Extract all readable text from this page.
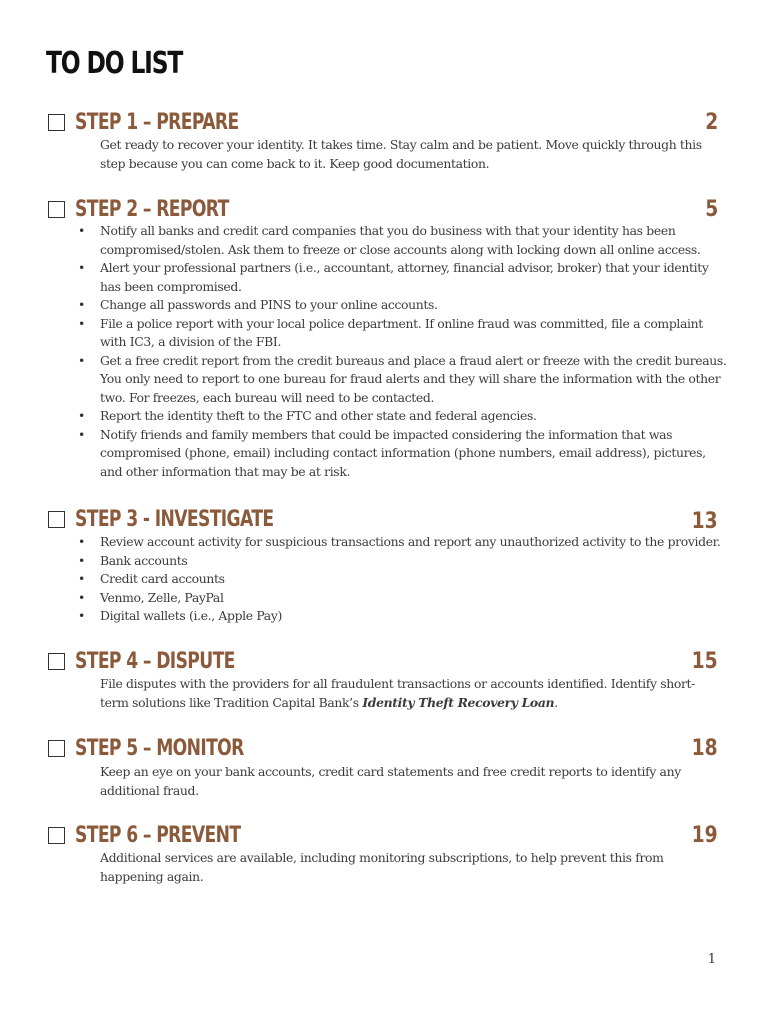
TO DO LIST
STEP 1 – PREPARE	2

Get ready to recover your identity. It takes time. Stay calm and be patient. Move quickly through this step because you can come back to it. Keep good documentation.

STEP 2 – REPORT	5
• Notify all banks and credit card companies that you do business with that your identity has been compromised/stolen. Ask them to freeze or close accounts along with locking down all online access.
• Alert your professional partners (i.e., accountant, attorney, financial advisor, broker) that your identity has been compromised.
• Change all passwords and PINS to your online accounts.
• File a police report with your local police department. If online fraud was committed, file a complaint with IC3, a division of the FBI.
• Get a free credit report from the credit bureaus and place a fraud alert or freeze with the credit bureaus. You only need to report to one bureau for fraud alerts and they will share the information with the other two. For freezes, each bureau will need to be contacted.
• Report the identity theft to the FTC and other state and federal agencies.
• Notify friends and family members that could be impacted considering the information that was compromised (phone, email) including contact information (phone numbers, email address), pictures, and other information that may be at risk.
STEP 3 - INVESTIGATE	13
• Review account activity for suspicious transactions and report any unauthorized activity to the provider.
• Bank accounts
• Credit card accounts
• Venmo, Zelle, PayPal
• Digital wallets (i.e., Apple Pay)
STEP 4 – DISPUTE	15

File disputes with the providers for all fraudulent transactions or accounts identified. Identify short-term solutions like Tradition Capital Bank’s Identity Theft Recovery Loan.

STEP 5 – MONITOR	18

Keep an eye on your bank accounts, credit card statements and free credit reports to identify any additional fraud.

STEP 6 – PREVENT	19

Additional services are available, including monitoring subscriptions, to help prevent this from happening again.

1
